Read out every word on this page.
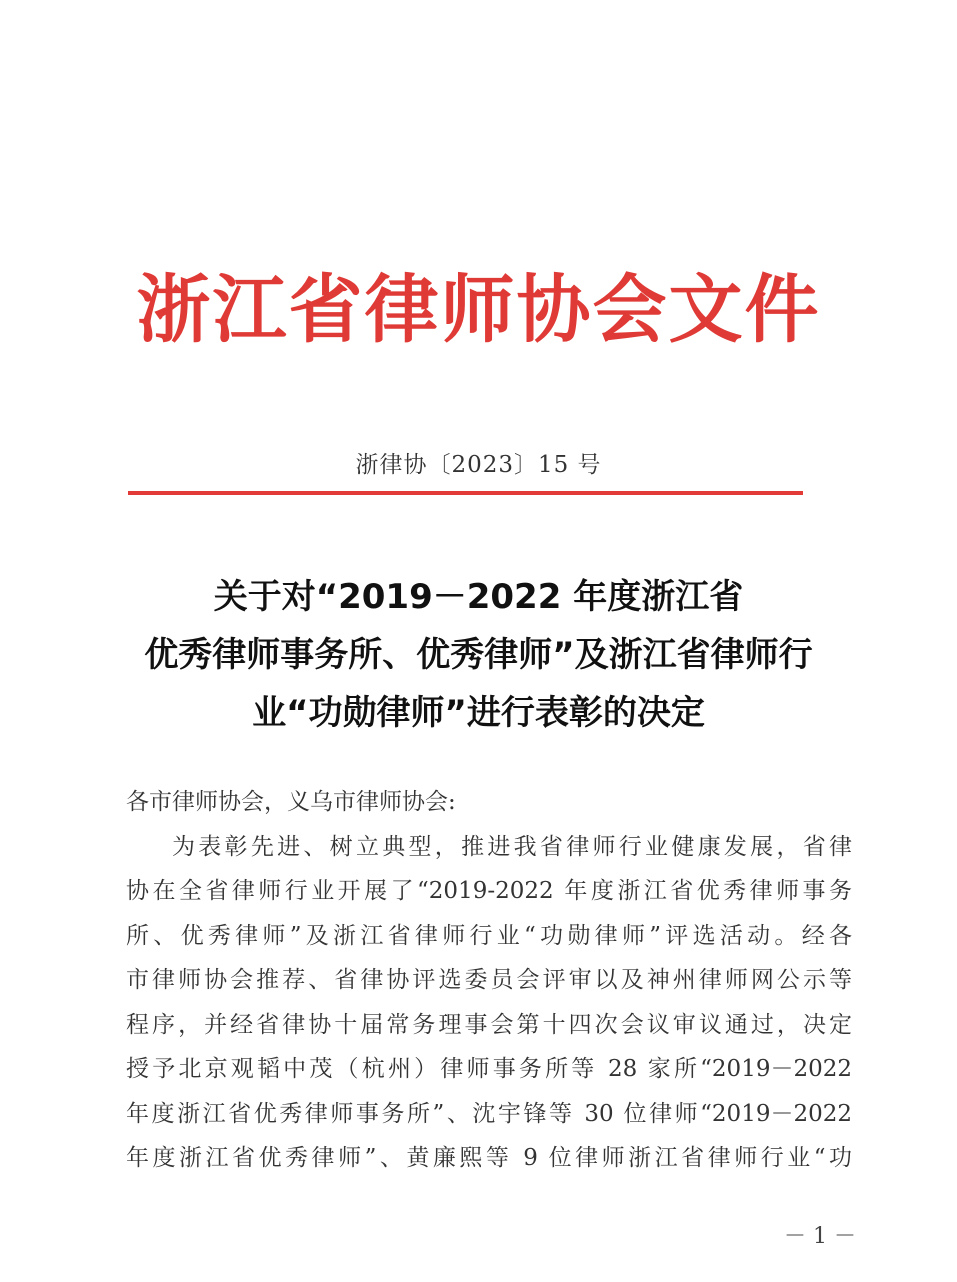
浙江省律师协会文件
浙律协〔2023〕15 号
关于对“2019－2022 年度浙江省
优秀律师事务所、优秀律师”及浙江省律师行
业“功勋律师”进行表彰的决定
各市律师协会，义乌市律师协会:
为表彰先进、树立典型，推进我省律师行业健康发展，省律
协在全省律师行业开展了“2019-2022 年度浙江省优秀律师事务
所、优秀律师”及浙江省律师行业“功勋律师”评选活动。经各
市律师协会推荐、省律协评选委员会评审以及神州律师网公示等
程序，并经省律协十届常务理事会第十四次会议审议通过，决定
授予北京观韬中茂（杭州）律师事务所等 28 家所“2019－2022
年度浙江省优秀律师事务所”、沈宇锋等 30 位律师“2019－2022
年度浙江省优秀律师”、黄廉熙等 9 位律师浙江省律师行业“功
－ 1 －
